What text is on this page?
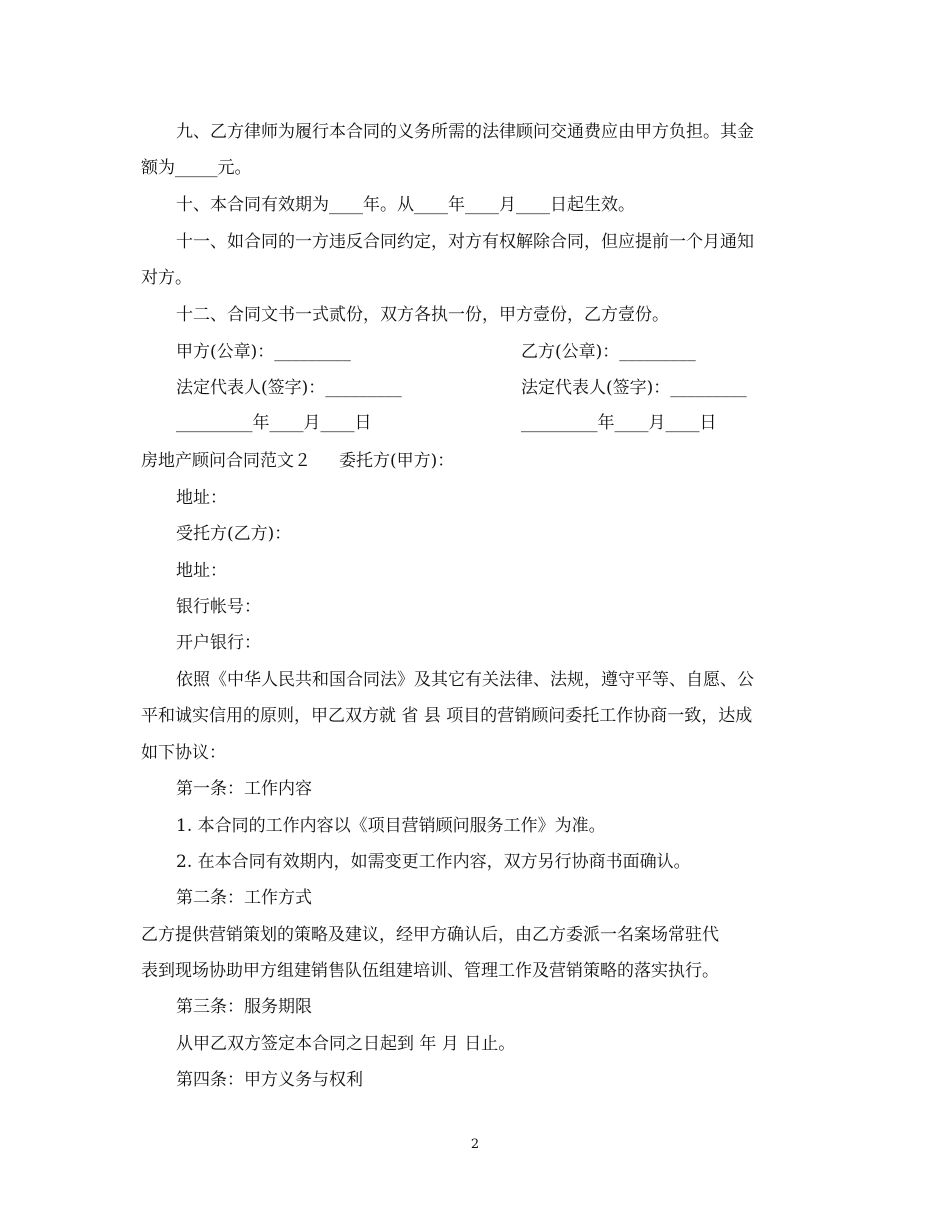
九、乙方律师为履行本合同的义务所需的法律顾问交通费应由甲方负担。其金
额为_____元。
十、本合同有效期为____年。从____年____月____日起生效。
十一、如合同的一方违反合同约定，对方有权解除合同，但应提前一个月通知
对方。
十二、合同文书一式贰份，双方各执一份，甲方壹份，乙方壹份。
甲方(公章)：_________	乙方(公章)：_________
法定代表人(签字)：_________	法定代表人(签字)：_________
_________年____月____日	_________年____月____日
房地产顾问合同范文２ 委托方(甲方)：
地址：
受托方(乙方)：
地址：
银行帐号：
开户银行：
依照《中华人民共和国合同法》及其它有关法律、法规，遵守平等、自愿、公
平和诚实信用的原则，甲乙双方就 省 县 项目的营销顾问委托工作协商一致，达成
如下协议：
第一条：工作内容
1. 本合同的工作内容以《项目营销顾问服务工作》为准。
2. 在本合同有效期内，如需变更工作内容，双方另行协商书面确认。
第二条：工作方式
乙方提供营销策划的策略及建议，经甲方确认后，由乙方委派一名案场常驻代
表到现场协助甲方组建销售队伍组建培训、管理工作及营销策略的落实执行。
第三条：服务期限
从甲乙双方签定本合同之日起到 年 月 日止。
第四条：甲方义务与权利
2
